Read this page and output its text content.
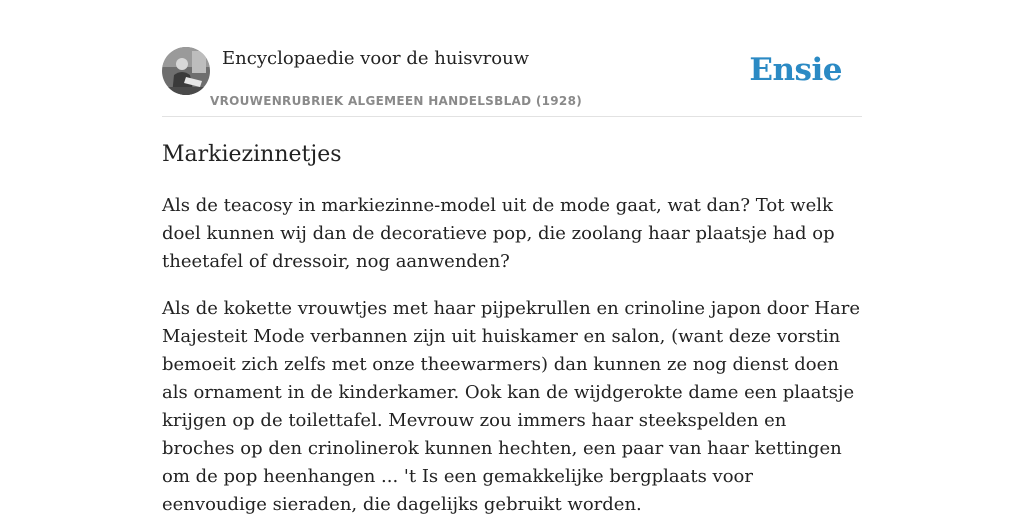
Encyclopaedie voor de huisvrouw
VROUWENRUBRIEK ALGEMEEN HANDELSBLAD (1928)
Ensie
Markiezinnetjes

Als de teacosy in markiezinne-model uit de mode gaat, wat dan? Tot welk doel kunnen wij dan de decoratieve pop, die zoolang haar plaatsje had op theetafel of dressoir, nog aanwenden?

Als de kokette vrouwtjes met haar pijpekrullen en crinoline japon door Hare Majesteit Mode verbannen zijn uit huiskamer en salon, (want deze vorstin bemoeit zich zelfs met onze theewarmers) dan kunnen ze nog dienst doen als ornament in de kinderkamer. Ook kan de wijdgerokte dame een plaatsje krijgen op de toilettafel. Mevrouw zou immers haar steekspelden en broches op den crinolinerok kunnen hechten, een paar van haar kettingen om de pop heenhangen ... 't Is een gemakkelijke bergplaats voor eenvoudige sieraden, die dagelijks gebruikt worden.
